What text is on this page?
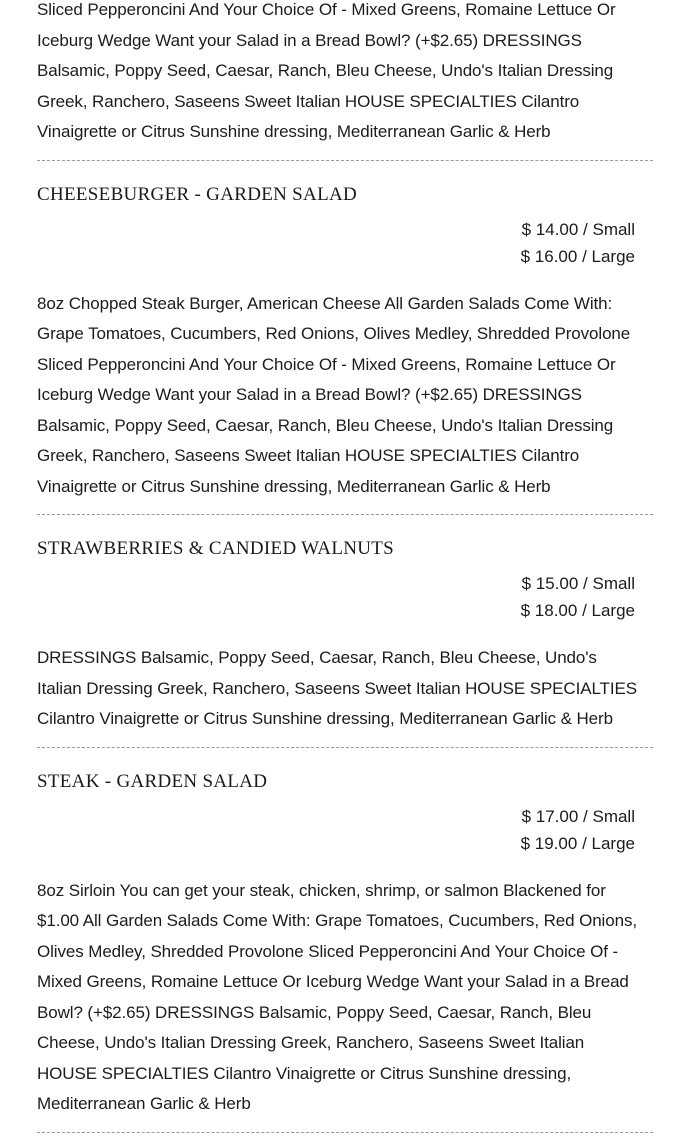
Sliced Pepperoncini And Your Choice Of - Mixed Greens, Romaine Lettuce Or Iceburg Wedge Want your Salad in a Bread Bowl? (+$2.65) DRESSINGS Balsamic, Poppy Seed, Caesar, Ranch, Bleu Cheese, Undo's Italian Dressing Greek, Ranchero, Saseens Sweet Italian HOUSE SPECIALTIES Cilantro Vinaigrette or Citrus Sunshine dressing, Mediterranean Garlic & Herb

CHEESEBURGER - GARDEN SALAD
$ 14.00 / Small
$ 16.00 / Large

8oz Chopped Steak Burger, American Cheese All Garden Salads Come With: Grape Tomatoes, Cucumbers, Red Onions, Olives Medley, Shredded Provolone Sliced Pepperoncini And Your Choice Of - Mixed Greens, Romaine Lettuce Or Iceburg Wedge Want your Salad in a Bread Bowl? (+$2.65) DRESSINGS Balsamic, Poppy Seed, Caesar, Ranch, Bleu Cheese, Undo's Italian Dressing Greek, Ranchero, Saseens Sweet Italian HOUSE SPECIALTIES Cilantro Vinaigrette or Citrus Sunshine dressing, Mediterranean Garlic & Herb

STRAWBERRIES & CANDIED WALNUTS
$ 15.00 / Small
$ 18.00 / Large

DRESSINGS Balsamic, Poppy Seed, Caesar, Ranch, Bleu Cheese, Undo's Italian Dressing Greek, Ranchero, Saseens Sweet Italian HOUSE SPECIALTIES Cilantro Vinaigrette or Citrus Sunshine dressing, Mediterranean Garlic & Herb

STEAK - GARDEN SALAD
$ 17.00 / Small
$ 19.00 / Large

8oz Sirloin You can get your steak, chicken, shrimp, or salmon Blackened for $1.00 All Garden Salads Come With: Grape Tomatoes, Cucumbers, Red Onions, Olives Medley, Shredded Provolone Sliced Pepperoncini And Your Choice Of - Mixed Greens, Romaine Lettuce Or Iceburg Wedge Want your Salad in a Bread Bowl? (+$2.65) DRESSINGS Balsamic, Poppy Seed, Caesar, Ranch, Bleu Cheese, Undo's Italian Dressing Greek, Ranchero, Saseens Sweet Italian HOUSE SPECIALTIES Cilantro Vinaigrette or Citrus Sunshine dressing, Mediterranean Garlic & Herb
